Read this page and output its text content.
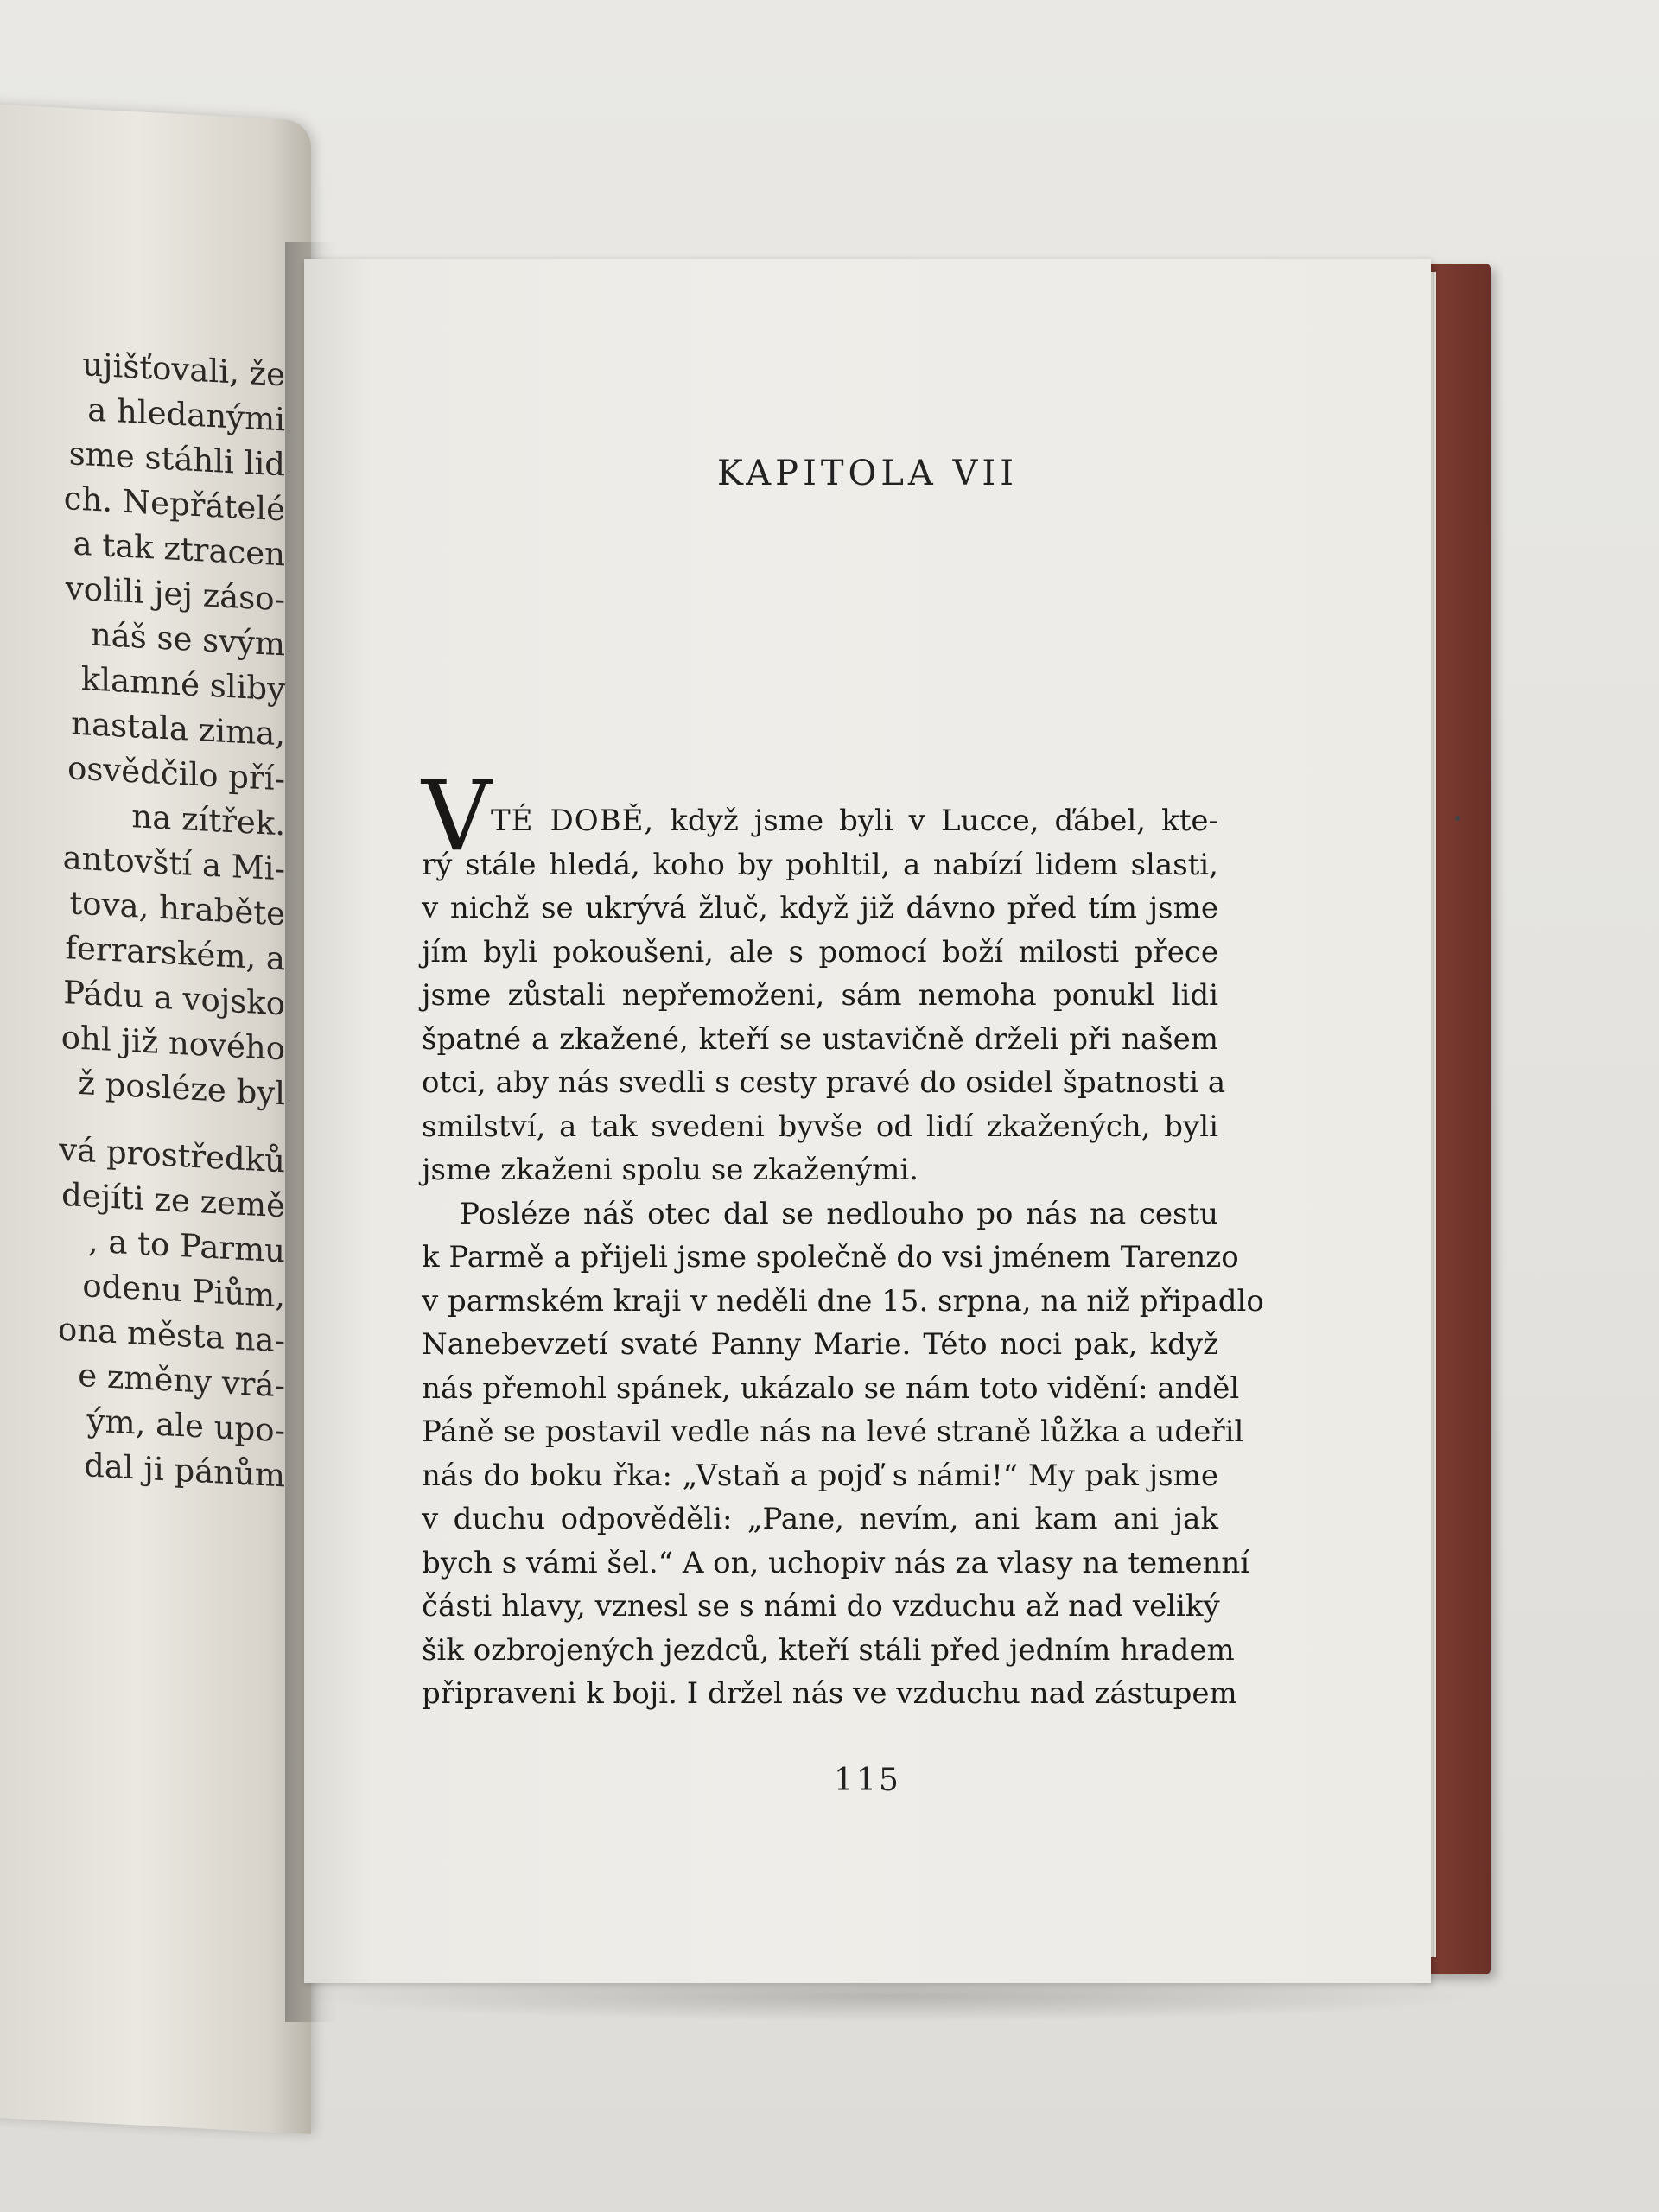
ujišťovali, že
a hledanými
sme stáhli lid
ch. Nepřátelé
a tak ztracen
volili jej záso-
náš se svým
klamné sliby
nastala zima,
osvědčilo pří-
na zítřek.
antovští a Mi-
tova, hraběte
ferrarském, a
Pádu a vojsko
ohl již nového
ž posléze byl
vá prostředků
dejíti ze země
, a to Parmu
odenu Piům,
ona města na-
e změny vrá-
ým, ale upo-
dal ji pánům
KAPITOLA VII
V TÉ DOBĚ, když jsme byli v Lucce, ďábel, kte-
rý stále hledá, koho by pohltil, a nabízí lidem slasti,
v nichž se ukrývá žluč, když již dávno před tím jsme
jím byli pokoušeni, ale s pomocí boží milosti přece
jsme zůstali nepřemoženi, sám nemoha ponukl lidi
špatné a zkažené, kteří se ustavičně drželi při našem
otci, aby nás svedli s cesty pravé do osidel špatnosti a
smilství, a tak svedeni byvše od lidí zkažených, byli
jsme zkaženi spolu se zkaženými.
Posléze náš otec dal se nedlouho po nás na cestu
k Parmě a přijeli jsme společně do vsi jménem Tarenzo
v parmském kraji v neděli dne 15. srpna, na niž připadlo
Nanebevzetí svaté Panny Marie. Této noci pak, když
nás přemohl spánek, ukázalo se nám toto vidění: anděl
Páně se postavil vedle nás na levé straně lůžka a udeřil
nás do boku řka: „Vstaň a pojď s námi!“ My pak jsme
v duchu odpověděli: „Pane, nevím, ani kam ani jak
bych s vámi šel.“ A on, uchopiv nás za vlasy na temenní
části hlavy, vznesl se s námi do vzduchu až nad veliký
šik ozbrojených jezdců, kteří stáli před jedním hradem
připraveni k boji. I držel nás ve vzduchu nad zástupem
115
